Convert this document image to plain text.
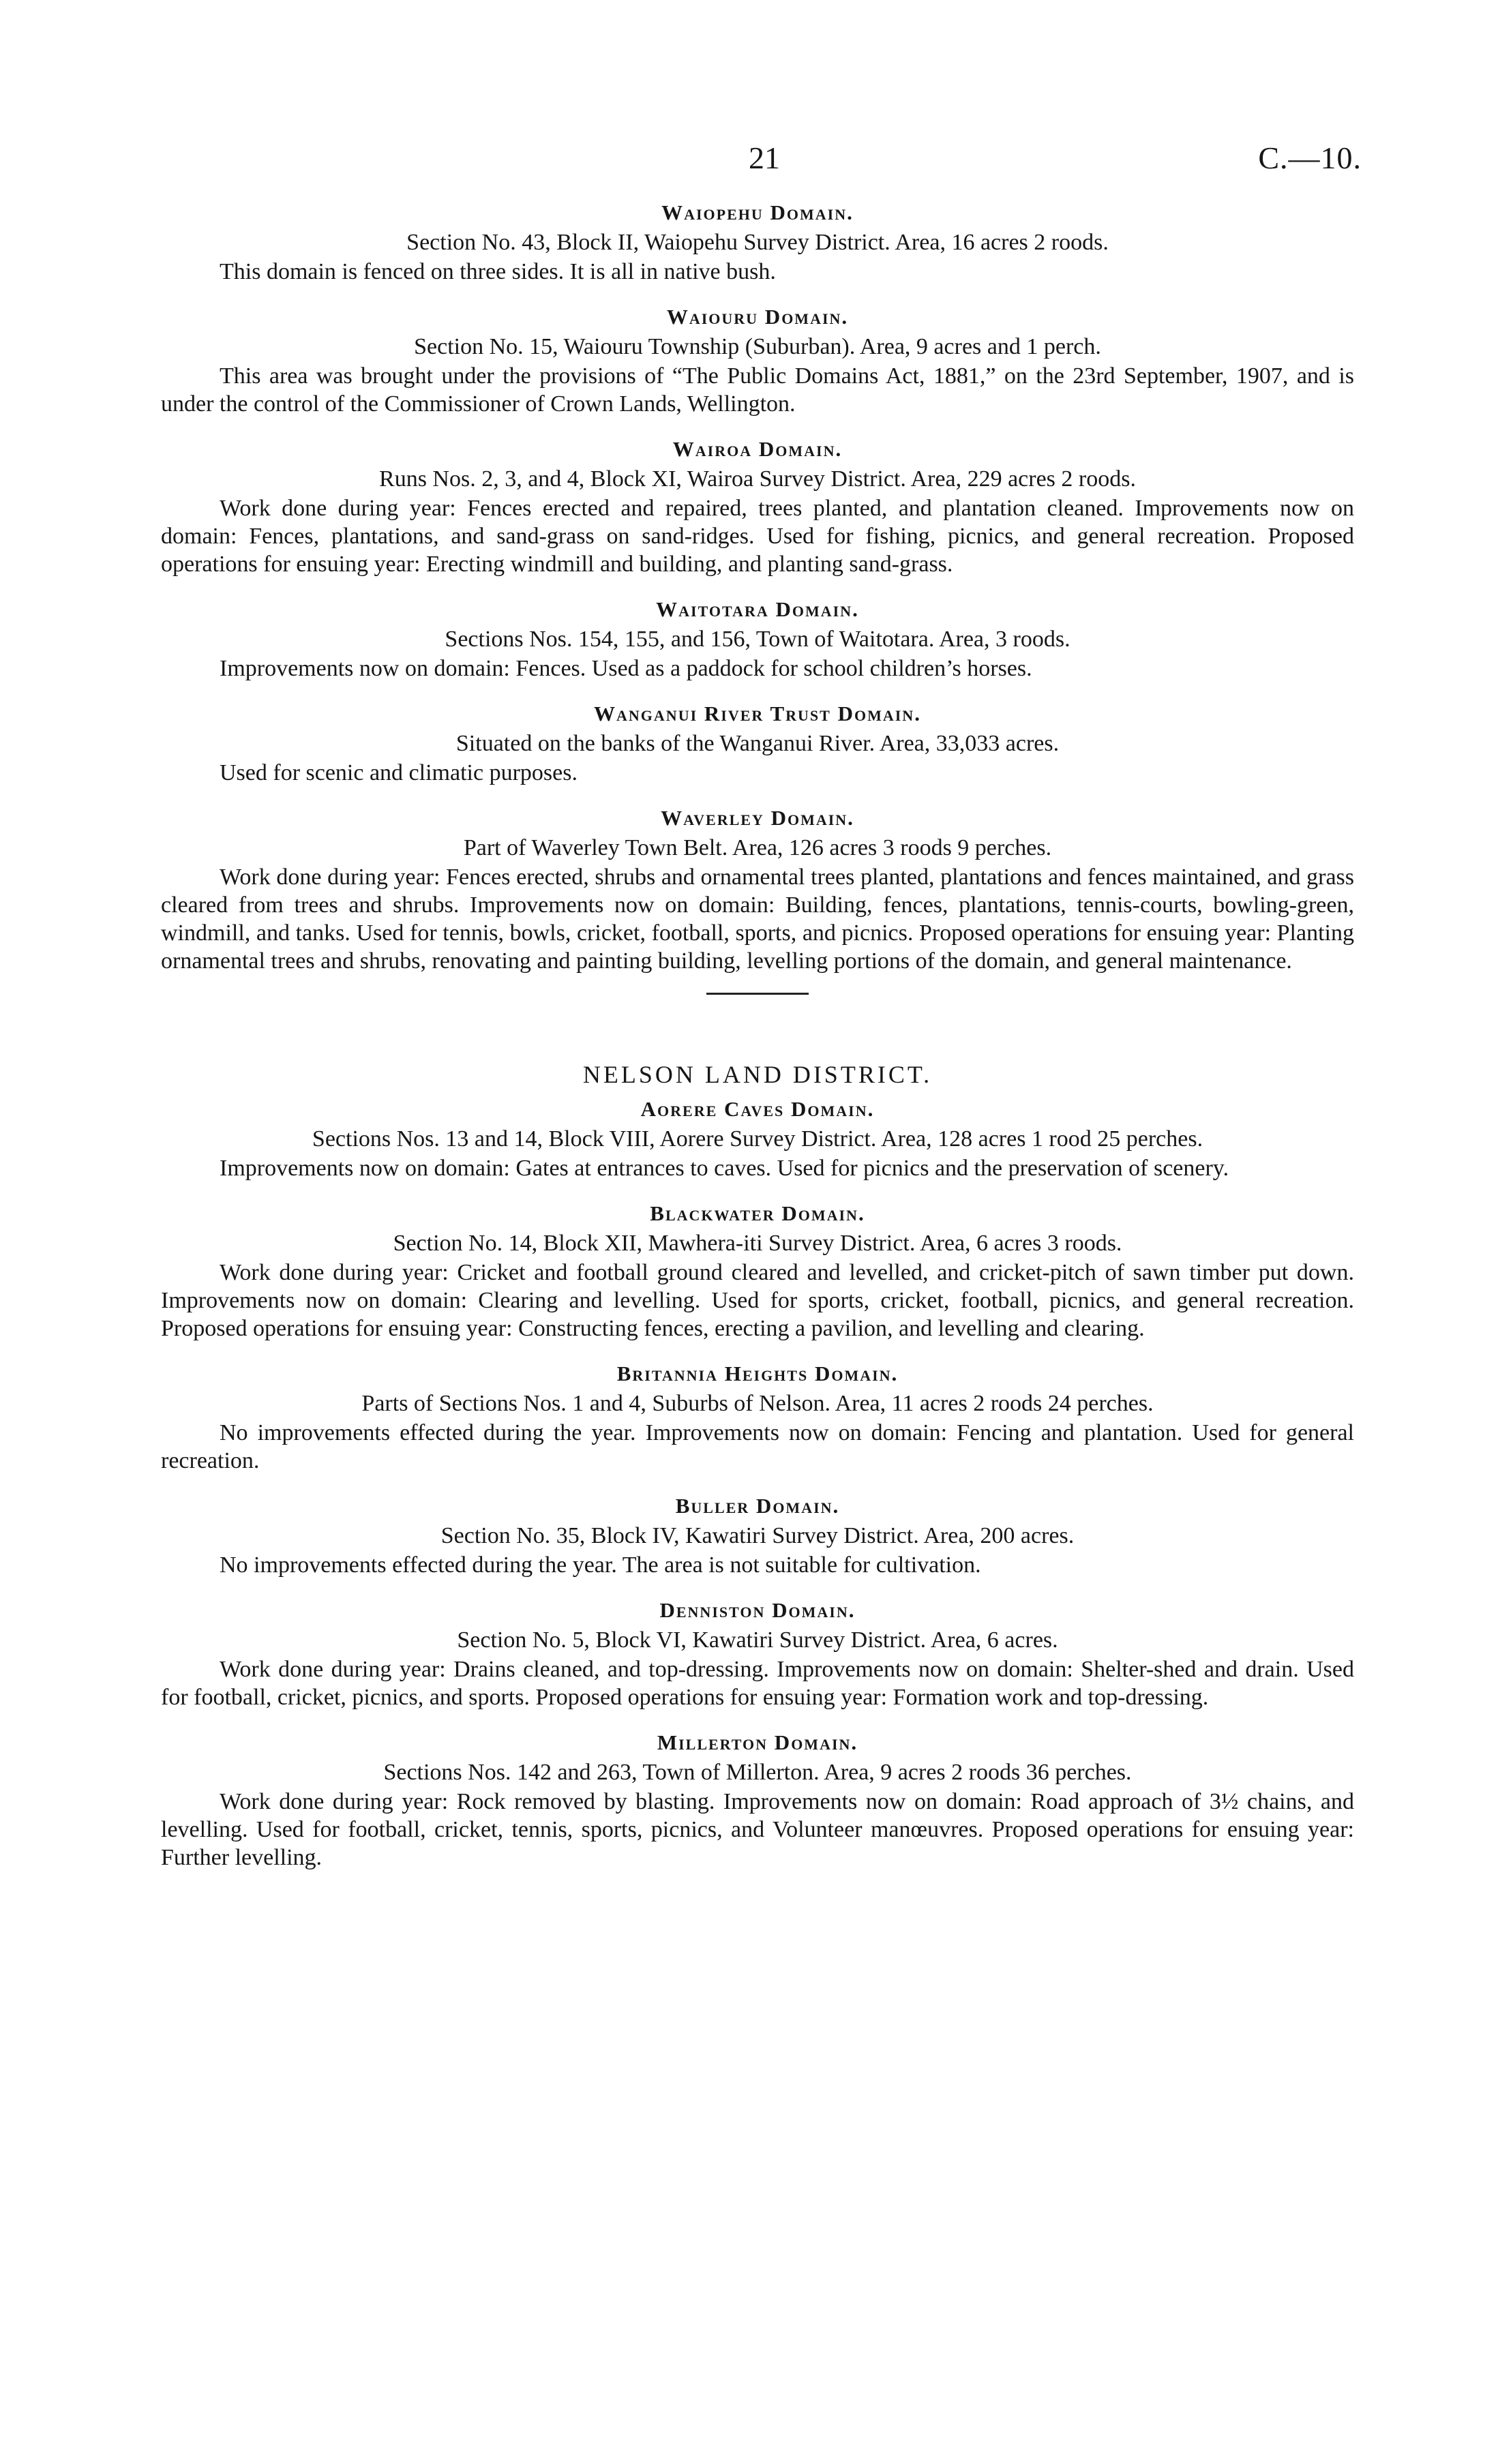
21	C.—10.
Waiopehu Domain.
Section No. 43, Block II, Waiopehu Survey District. Area, 16 acres 2 roods.
This domain is fenced on three sides. It is all in native bush.
Waiouru Domain.
Section No. 15, Waiouru Township (Suburban). Area, 9 acres and 1 perch.
This area was brought under the provisions of “The Public Domains Act, 1881,” on the 23rd September, 1907, and is under the control of the Commissioner of Crown Lands, Wellington.
Wairoa Domain.
Runs Nos. 2, 3, and 4, Block XI, Wairoa Survey District. Area, 229 acres 2 roods.
Work done during year: Fences erected and repaired, trees planted, and plantation cleaned. Improvements now on domain: Fences, plantations, and sand-grass on sand-ridges. Used for fishing, picnics, and general recreation. Proposed operations for ensuing year: Erecting windmill and building, and planting sand-grass.
Waitotara Domain.
Sections Nos. 154, 155, and 156, Town of Waitotara. Area, 3 roods.
Improvements now on domain: Fences. Used as a paddock for school children’s horses.
Wanganui River Trust Domain.
Situated on the banks of the Wanganui River. Area, 33,033 acres.
Used for scenic and climatic purposes.
Waverley Domain.
Part of Waverley Town Belt. Area, 126 acres 3 roods 9 perches.
Work done during year: Fences erected, shrubs and ornamental trees planted, plantations and fences maintained, and grass cleared from trees and shrubs. Improvements now on domain: Building, fences, plantations, tennis-courts, bowling-green, windmill, and tanks. Used for tennis, bowls, cricket, football, sports, and picnics. Proposed operations for ensuing year: Planting ornamental trees and shrubs, renovating and painting building, levelling portions of the domain, and general maintenance.
NELSON LAND DISTRICT.
Aorere Caves Domain.
Sections Nos. 13 and 14, Block VIII, Aorere Survey District. Area, 128 acres 1 rood 25 perches.
Improvements now on domain: Gates at entrances to caves. Used for picnics and the preservation of scenery.
Blackwater Domain.
Section No. 14, Block XII, Mawhera-iti Survey District. Area, 6 acres 3 roods.
Work done during year: Cricket and football ground cleared and levelled, and cricket-pitch of sawn timber put down. Improvements now on domain: Clearing and levelling. Used for sports, cricket, football, picnics, and general recreation. Proposed operations for ensuing year: Constructing fences, erecting a pavilion, and levelling and clearing.
Britannia Heights Domain.
Parts of Sections Nos. 1 and 4, Suburbs of Nelson. Area, 11 acres 2 roods 24 perches.
No improvements effected during the year. Improvements now on domain: Fencing and plantation. Used for general recreation.
Buller Domain.
Section No. 35, Block IV, Kawatiri Survey District. Area, 200 acres.
No improvements effected during the year. The area is not suitable for cultivation.
Denniston Domain.
Section No. 5, Block VI, Kawatiri Survey District. Area, 6 acres.
Work done during year: Drains cleaned, and top-dressing. Improvements now on domain: Shelter-shed and drain. Used for football, cricket, picnics, and sports. Proposed operations for ensuing year: Formation work and top-dressing.
Millerton Domain.
Sections Nos. 142 and 263, Town of Millerton. Area, 9 acres 2 roods 36 perches.
Work done during year: Rock removed by blasting. Improvements now on domain: Road approach of 3½ chains, and levelling. Used for football, cricket, tennis, sports, picnics, and Volunteer manœuvres. Proposed operations for ensuing year: Further levelling.
